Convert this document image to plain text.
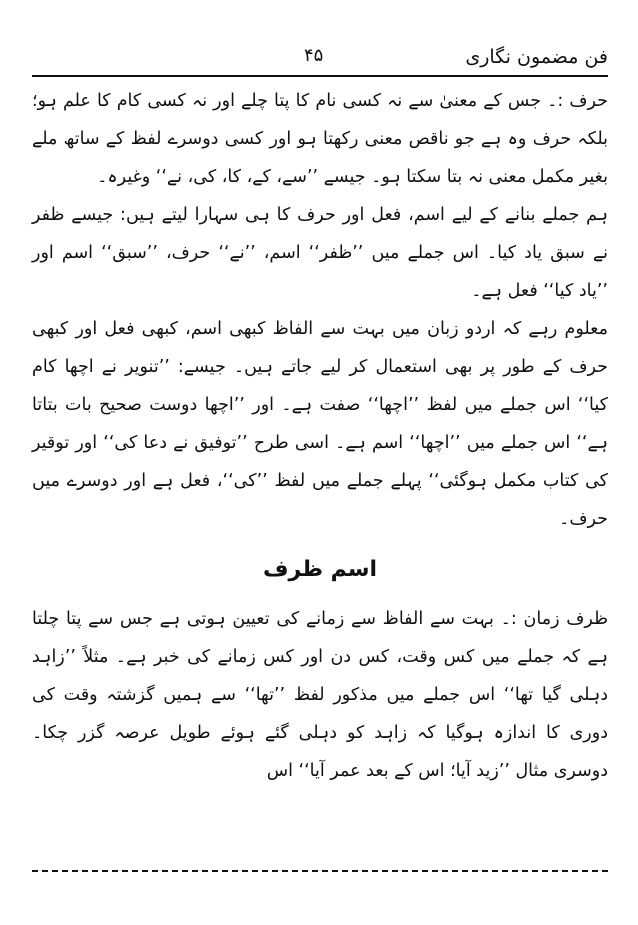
۴۵	فن مضمون نگاری

حرف :۔ جس کے معنیٰ سے نہ کسی نام کا پتا چلے اور نہ کسی کام کا علم ہو؛ بلکہ حرف وہ ہے جو ناقص معنی رکھتا ہو اور کسی دوسرے لفظ کے ساتھ ملے بغیر مکمل معنی نہ بتا سکتا ہو۔ جیسے ’’سے، کے، کا، کی، نے‘‘ وغیرہ۔

ہم جملے بنانے کے لیے اسم، فعل اور حرف کا ہی سہارا لیتے ہیں: جیسے ظفر نے سبق یاد کیا۔ اس جملے میں ’’ظفر‘‘ اسم، ’’نے‘‘ حرف، ’’سبق‘‘ اسم اور ’’یاد کیا‘‘ فعل ہے۔

معلوم رہے کہ اردو زبان میں بہت سے الفاظ کبھی اسم، کبھی فعل اور کبھی حرف کے طور پر بھی استعمال کر لیے جاتے ہیں۔ جیسے: ’’تنویر نے اچھا کام کیا‘‘ اس جملے میں لفظ ’’اچھا‘‘ صفت ہے۔ اور ’’اچھا دوست صحیح بات بتاتا ہے‘‘ اس جملے میں ’’اچھا‘‘ اسم ہے۔ اسی طرح ’’توفیق نے دعا کی‘‘ اور توقیر کی کتاب مکمل ہوگئی‘‘ پہلے جملے میں لفظ ’’کی‘‘، فعل ہے اور دوسرے میں حرف۔

اسم ظرف

ظرف زمان :۔ بہت سے الفاظ سے زمانے کی تعیین ہوتی ہے جس سے پتا چلتا ہے کہ جملے میں کس وقت، کس دن اور کس زمانے کی خبر ہے۔ مثلاً ’’زاہد دہلی گیا تھا‘‘ اس جملے میں مذکور لفظ ’’تھا‘‘ سے ہمیں گزشتہ وقت کی دوری کا اندازہ ہوگیا کہ زاہد کو دہلی گئے ہوئے طویل عرصہ گزر چکا۔ دوسری مثال ’’زید آیا؛ اس کے بعد عمر آیا‘‘ اس
